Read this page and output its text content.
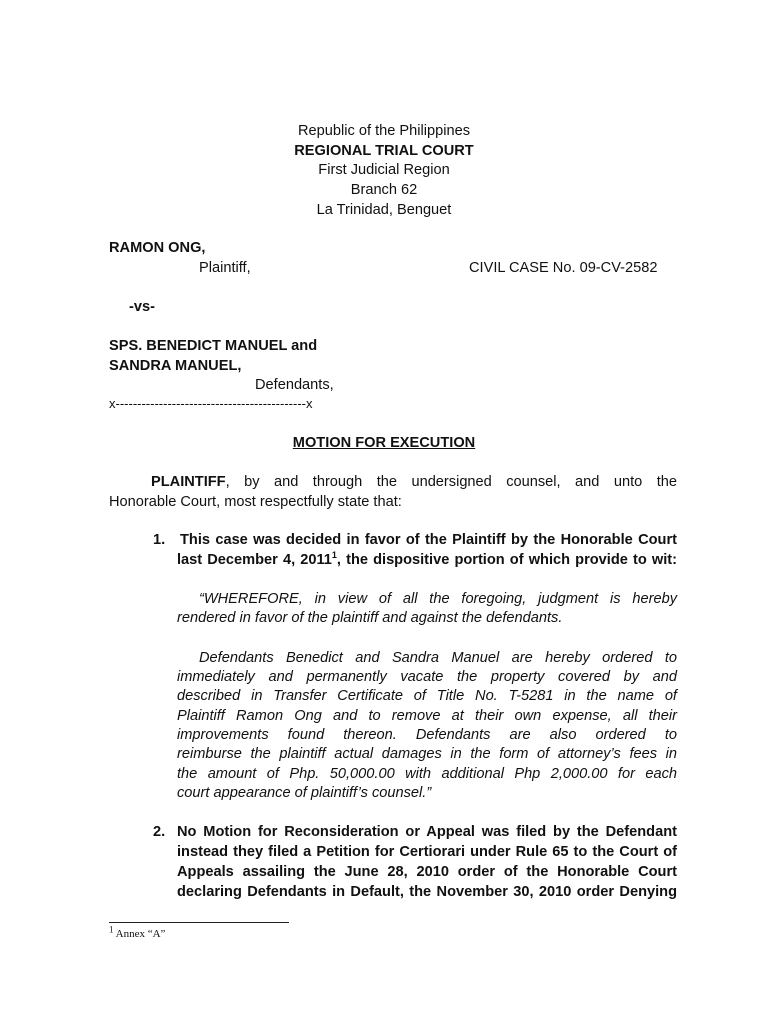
Republic of the Philippines
REGIONAL TRIAL COURT
First Judicial Region
Branch 62
La Trinidad, Benguet
RAMON ONG,
Plaintiff,	CIVIL CASE No. 09-CV-2582
-vs-
SPS. BENEDICT MANUEL and
SANDRA MANUEL,
Defendants,
x--------------------------------------------x
MOTION FOR EXECUTION
PLAINTIFF, by and through the undersigned counsel, and unto the
Honorable Court, most respectfully state that:
1. This case was decided in favor of the Plaintiff by the Honorable Court
last December 4, 2011$^1$, the dispositive portion of which provide to wit:
“WHEREFORE, in view of all the foregoing, judgment is hereby
rendered in favor of the plaintiff and against the defendants.
Defendants Benedict and Sandra Manuel are hereby ordered to
immediately and permanently vacate the property covered by and
described in Transfer Certificate of Title No. T-5281 in the name of
Plaintiff Ramon Ong and to remove at their own expense, all their
improvements found thereon. Defendants are also ordered to
reimburse the plaintiff actual damages in the form of attorney’s fees in
the amount of Php. 50,000.00 with additional Php 2,000.00 for each
court appearance of plaintiff’s counsel.”
2. No Motion for Reconsideration or Appeal was filed by the Defendant
instead they filed a Petition for Certiorari under Rule 65 to the Court of
Appeals assailing the June 28, 2010 order of the Honorable Court
declaring Defendants in Default, the November 30, 2010 order Denying
$^1$ Annex “A”
